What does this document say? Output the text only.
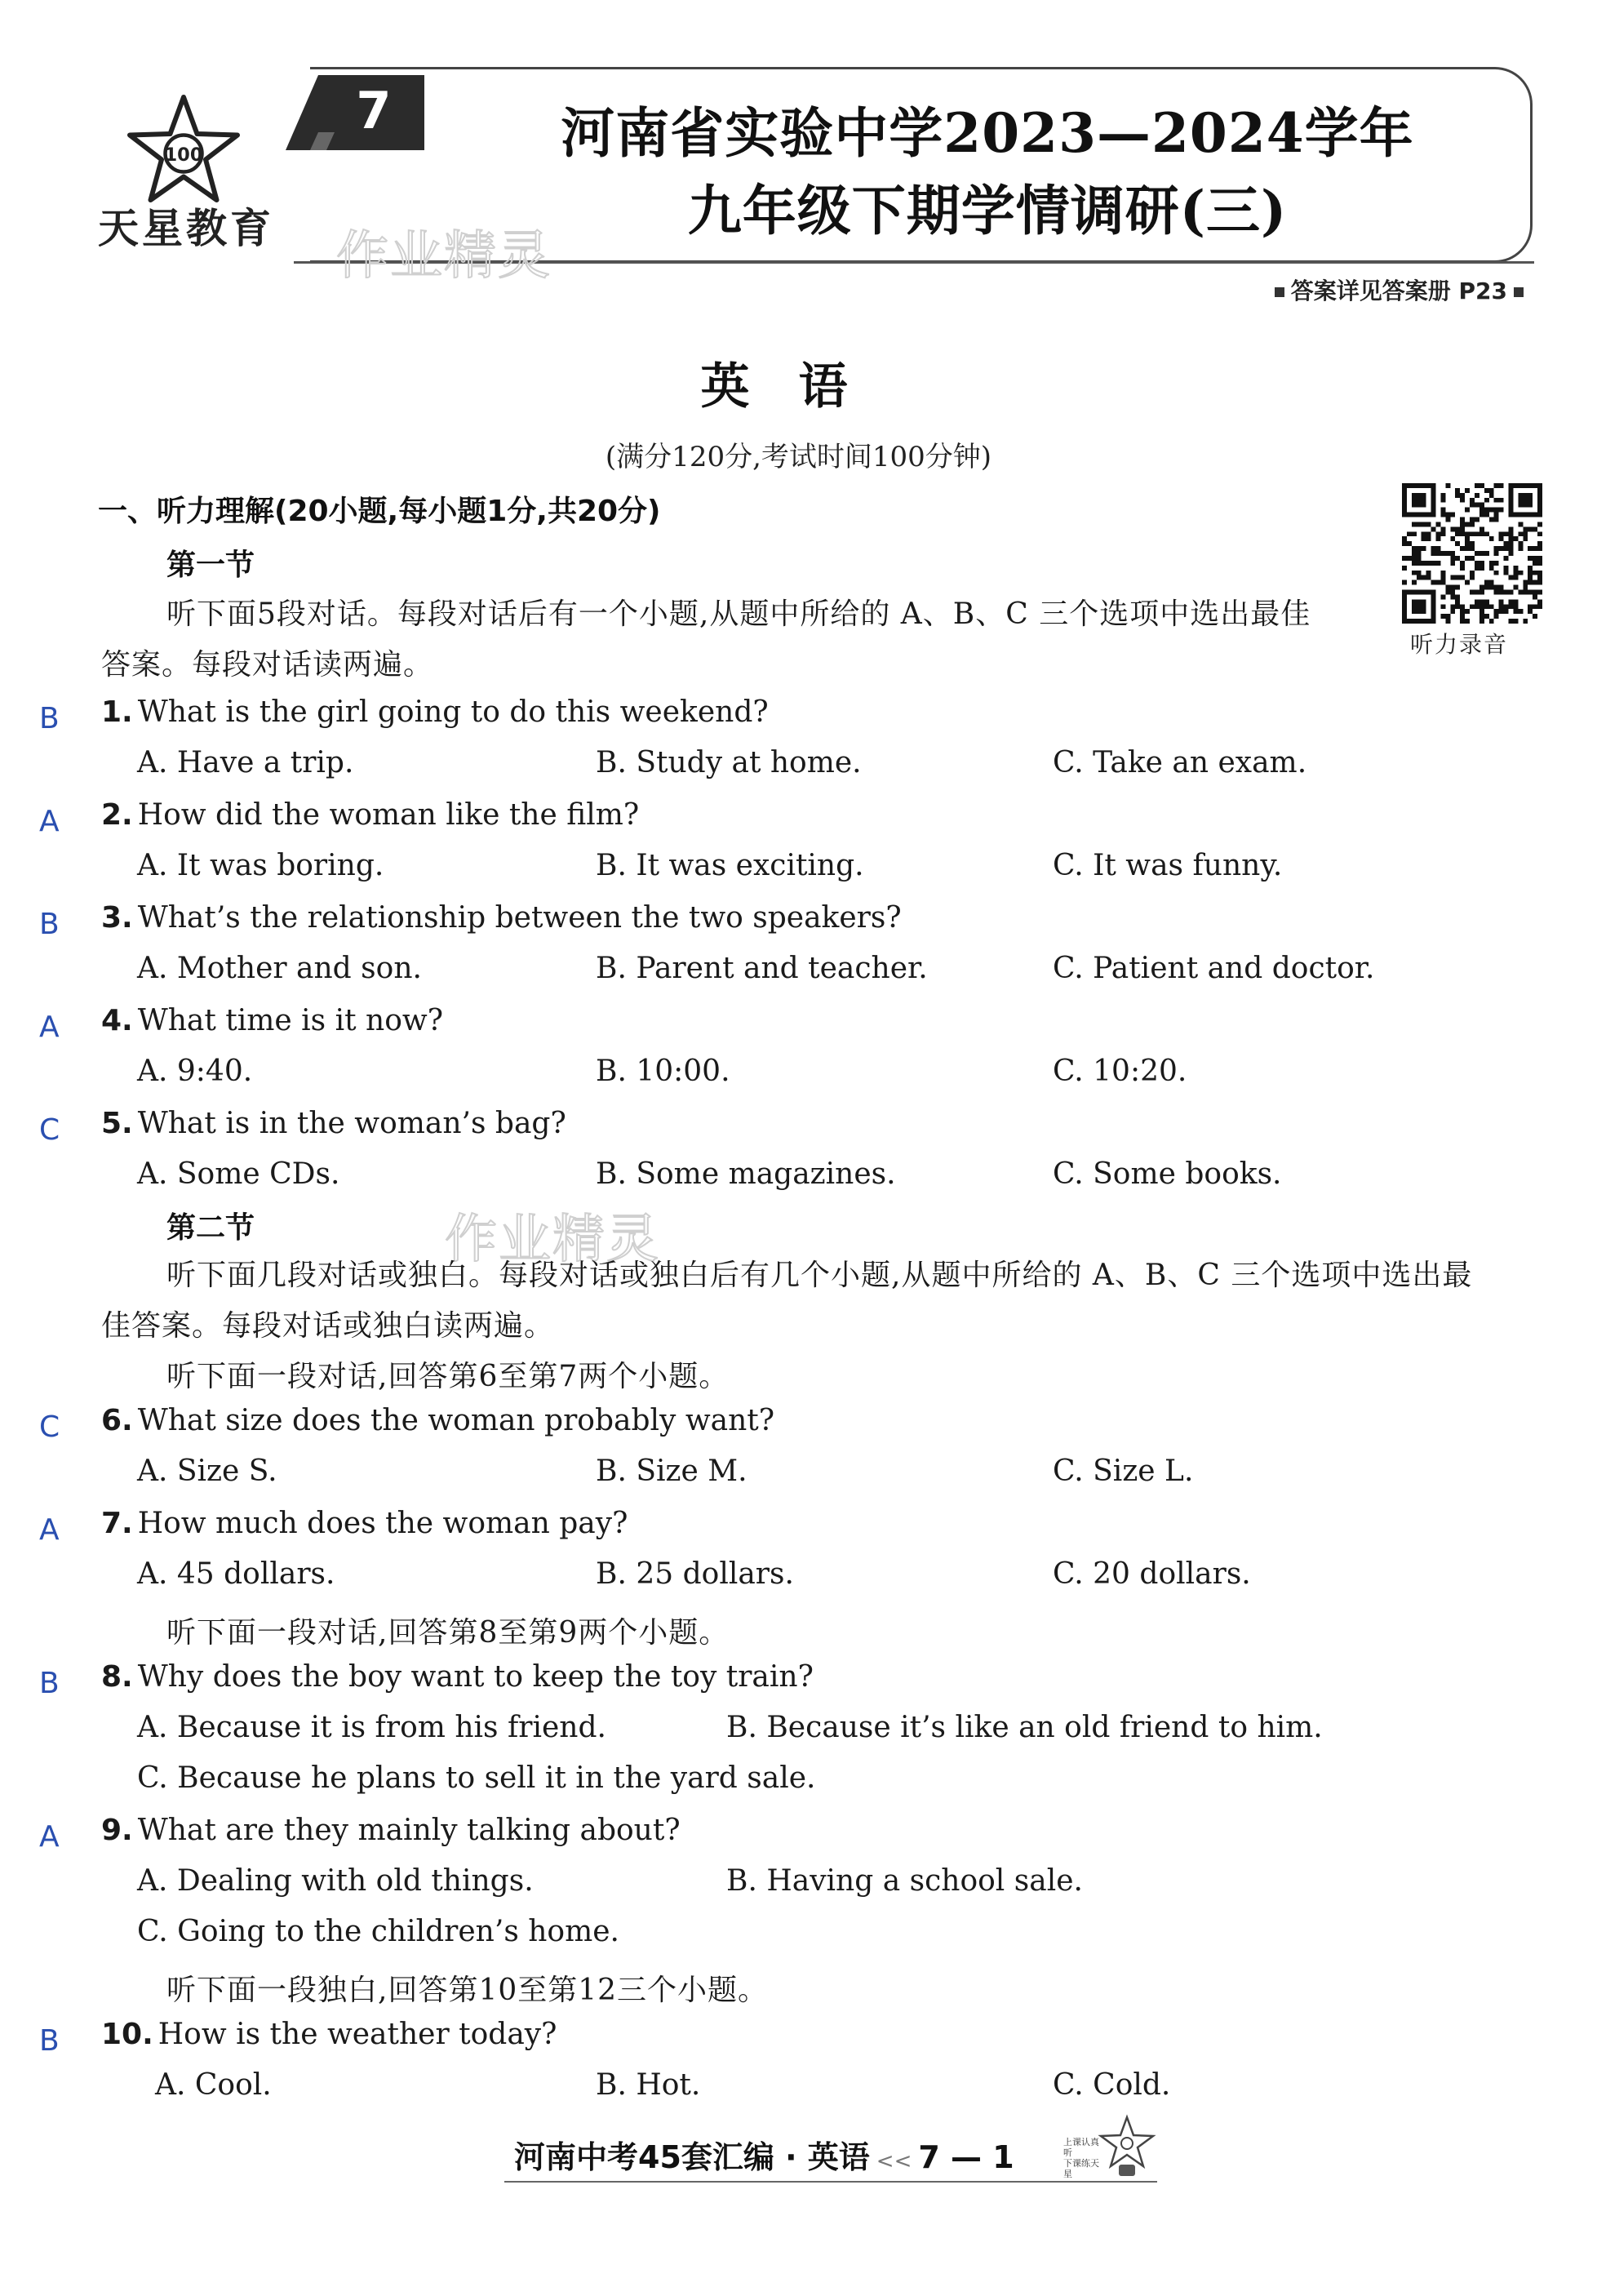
100
天星教育
7
作业精灵
河南省实验中学2023—2024学年
九年级下期学情调研(三)
答案详见答案册 P23
英语
(满分120分,考试时间100分钟)
一、听力理解(20小题,每小题1分,共20分)
听力录音
第一节
听下面5段对话。每段对话后有一个小题,从题中所给的 A、B、C 三个选项中选出最佳
答案。每段对话读两遍。
B 1. What is the girl going to do this weekend?
A. Have a trip.	B. Study at home.	C. Take an exam.
A 2. How did the woman like the film?
A. It was boring.	B. It was exciting.	C. It was funny.
B 3. What’s the relationship between the two speakers?
A. Mother and son.	B. Parent and teacher.	C. Patient and doctor.
A 4. What time is it now?
A. 9:40.	B. 10:00.	C. 10:20.
C 5. What is in the woman’s bag?
A. Some CDs.	B. Some magazines.	C. Some books.
C 6. What size does the woman probably want?
A. Size S.	B. Size M.	C. Size L.
A 7. How much does the woman pay?
A. 45 dollars.	B. 25 dollars.	C. 20 dollars.
B 8. Why does the boy want to keep the toy train?
A. Because it is from his friend.	B. Because it’s like an old friend to him.
C. Because he plans to sell it in the yard sale.
A 9. What are they mainly talking about?
A. Dealing with old things.	B. Having a school sale.
C. Going to the children’s home.
B 10. How is the weather today?
A. Cool.	B. Hot.	C. Cold.
第二节	作业精灵
听下面几段对话或独白。每段对话或独白后有几个小题,从题中所给的 A、B、C 三个选项中选出最
佳答案。每段对话或独白读两遍。
听下面一段对话,回答第6至第7两个小题。
听下面一段对话,回答第8至第9两个小题。
听下面一段独白,回答第10至第12三个小题。
河南中考45套汇编 · 英语 << 7 — 1	上课认真听
下课练天星
